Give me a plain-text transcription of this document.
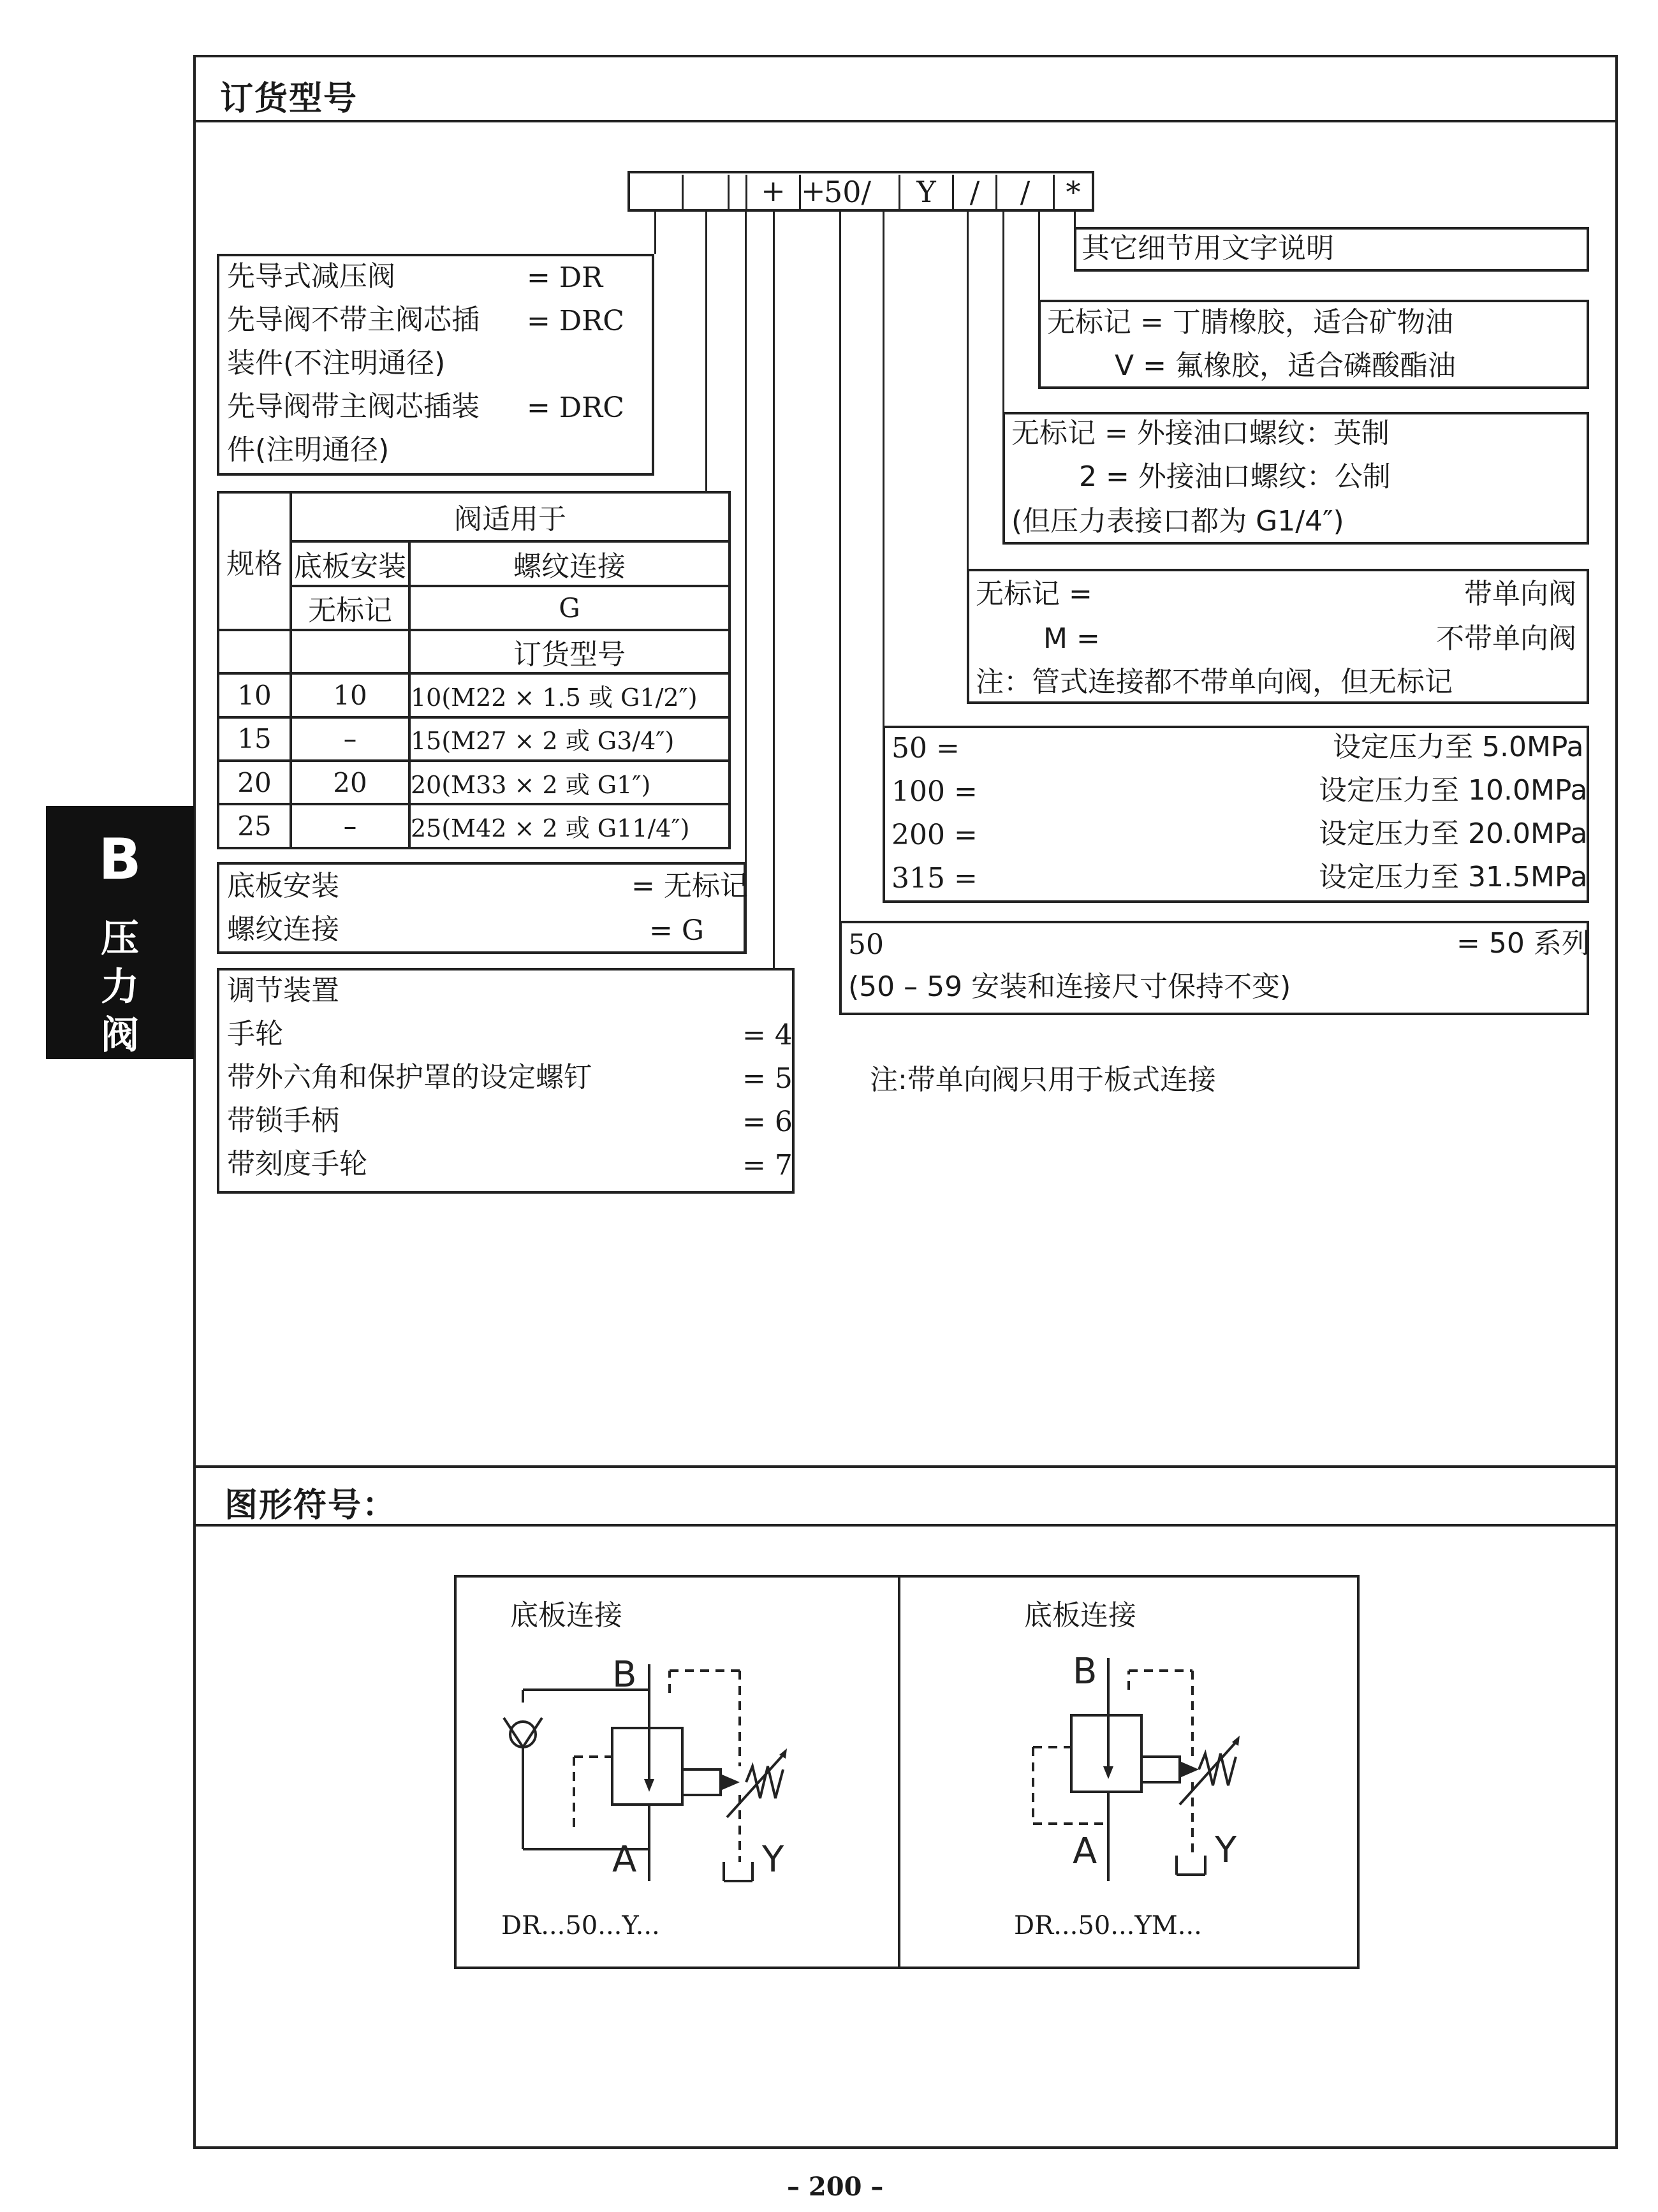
订货型号
图形符号：
B
压
力
阀
+ +
50/	Y	/	/	*
先导式减压阀	= DR
先导阀不带主阀芯插 = DRC
装件(不注明通径)
先导阀带主阀芯插装 = DRC
件(注明通径)
规格	阀适用于	
	底板安装	螺纹连接
	无标记	G
		订货型号
10	10	10(M22 × 1.5 或 G1/2″)
15	–	15(M27 × 2 或 G3/4″)
20	20	20(M33 × 2 或 G1″)
25	–	25(M42 × 2 或 G11/4″)
底板安装	= 无标记
螺纹连接	= G
调节装置
手轮	= 4
带外六角和保护罩的设定螺钉	= 5
带锁手柄	= 6
带刻度手轮	= 7
其它细节用文字说明
无标记 = 丁腈橡胶，适合矿物油
V = 氟橡胶，适合磷酸酯油
无标记 = 外接油口螺纹：英制
2 = 外接油口螺纹：公制
(但压力表接口都为 G1/4″)
无标记 =	带单向阀
M =	不带单向阀
注：管式连接都不带单向阀，但无标记
50 =	设定压力至 5.0MPa
100 =	设定压力至 10.0MPa
200 =	设定压力至 20.0MPa
315 =	设定压力至 31.5MPa
50	= 50 系列
(50 – 59 安装和连接尺寸保持不变)
注:带单向阀只用于板式连接
底板连接
DR...50...Y...
底板连接
DR...50...YM...
B
A	Y
B
A	Y
– 200 –
